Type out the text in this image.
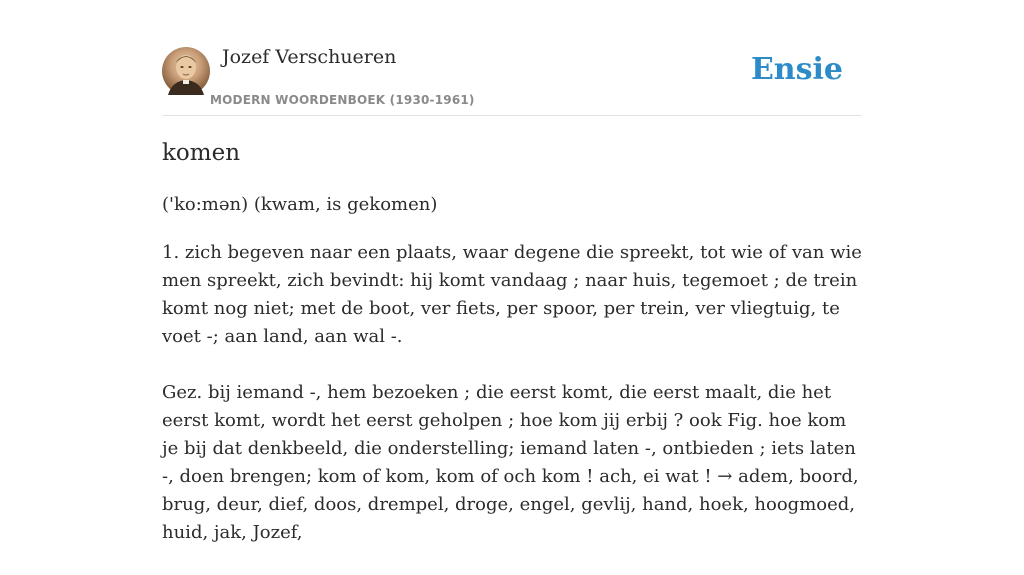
Jozef Verschueren
MODERN WOORDENBOEK (1930-1961)
Ensie
komen
('ko:mən) (kwam, is gekomen)

1. zich begeven naar een plaats, waar degene die spreekt, tot wie of van wie men spreekt, zich bevindt: hij komt vandaag ; naar huis, tegemoet ; de trein komt nog niet; met de boot, ver fiets, per spoor, per trein, ver vliegtuig, te voet -; aan land, aan wal -.

Gez. bij iemand -, hem bezoeken ; die eerst komt, die eerst maalt, die het eerst komt, wordt het eerst geholpen ; hoe kom jij erbij ? ook Fig. hoe kom je bij dat denkbeeld, die onderstelling; iemand laten -, ontbieden ; iets laten -, doen brengen; kom of kom, kom of och kom ! ach, ei wat ! → adem, boord, brug, deur, dief, doos, drempel, droge, engel, gevlij, hand, hoek, hoogmoed, huid, jak, Jozef,
